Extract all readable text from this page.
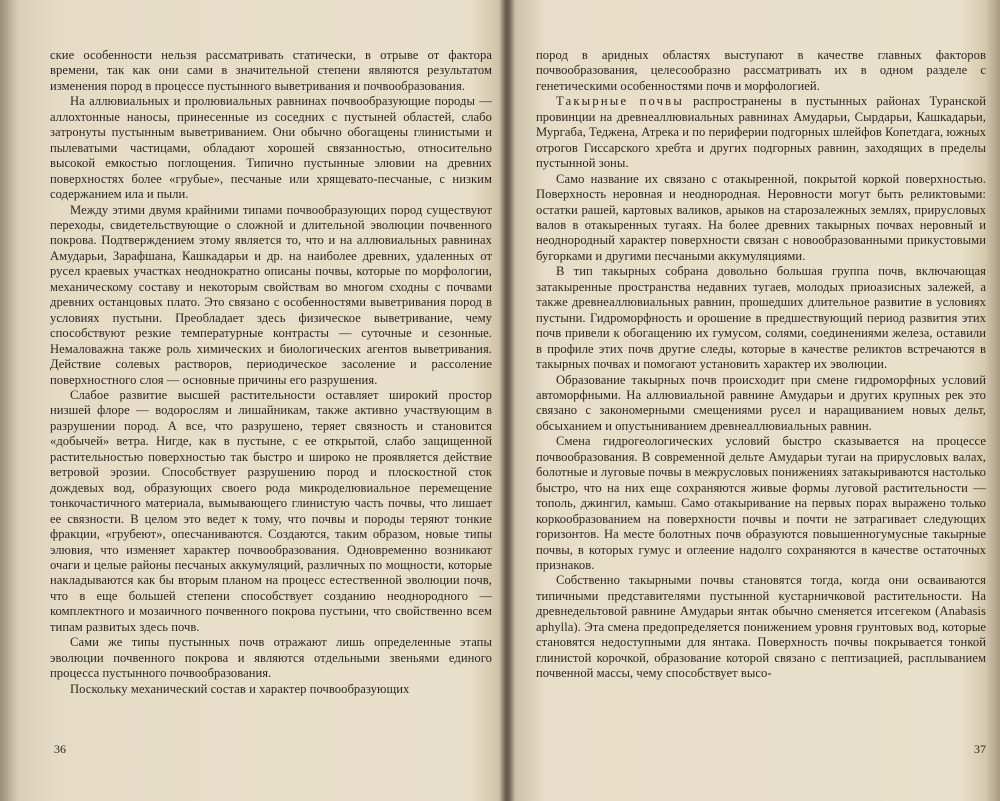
ские особенности нельзя рассматривать статически, в отрыве от фактора времени, так как они сами в значительной степени являются результатом изменения пород в процессе пустынного выветривания и почвообразования.

На аллювиальных и пролювиальных равнинах почвообразующие породы — аллохтонные наносы, принесенные из соседних с пустыней областей, слабо затронуты пустынным выветриванием. Они обычно обогащены глинистыми и пылеватыми частицами, обладают хорошей связанностью, относительно высокой емкостью поглощения. Типично пустынные элювии на древних поверхностях более «грубые», песчаные или хрящевато-песчаные, с низким содержанием ила и пыли.

Между этими двумя крайними типами почвообразующих пород существуют переходы, свидетельствующие о сложной и длительной эволюции почвенного покрова. Подтверждением этому является то, что и на аллювиальных равнинах Амударьи, Зарафшана, Кашкадарьи и др. на наиболее древних, удаленных от русел краевых участках неоднократно описаны почвы, которые по морфологии, механическому составу и некоторым свойствам во многом сходны с почвами древних останцовых плато. Это связано с особенностями выветривания пород в условиях пустыни. Преобладает здесь физическое выветривание, чему способствуют резкие температурные контрасты — суточные и сезонные. Немаловажна также роль химических и биологических агентов выветривания. Действие солевых растворов, периодическое засоление и рассоление поверхностного слоя — основные причины его разрушения.

Слабое развитие высшей растительности оставляет широкий простор низшей флоре — водорослям и лишайникам, также активно участвующим в разрушении пород. А все, что разрушено, теряет связность и становится «добычей» ветра. Нигде, как в пустыне, с ее открытой, слабо защищенной растительностью поверхностью так быстро и широко не проявляется действие ветровой эрозии. Способствует разрушению пород и плоскостной сток дождевых вод, образующих своего рода микроделювиальное перемещение тонкочастичного материала, вымывающего глинистую часть почвы, что лишает ее связности. В целом это ведет к тому, что почвы и породы теряют тонкие фракции, «грубеют», опесчаниваются. Создаются, таким образом, новые типы элювия, что изменяет характер почвообразования. Одновременно возникают очаги и целые районы песчаных аккумуляций, различных по мощности, которые накладываются как бы вторым планом на процесс естественной эволюции почв, что в еще большей степени способствует созданию неоднородного — комплектного и мозаичного почвенного покрова пустыни, что свойственно всем типам развитых здесь почв.

Сами же типы пустынных почв отражают лишь определенные этапы эволюции почвенного покрова и являются отдельными звеньями единого процесса пустынного почвообразования.

Поскольку механический состав и характер почвообразующих

36

пород в аридных областях выступают в качестве главных факторов почвообразования, целесообразно рассматривать их в одном разделе с генетическими особенностями почв и морфологией.

Такырные почвы распространены в пустынных районах Туранской провинции на древнеаллювиальных равнинах Амударьи, Сырдарьи, Кашкадарьи, Мургаба, Теджена, Атрека и по периферии подгорных шлейфов Копетдага, южных отрогов Гиссарского хребта и других подгорных равнин, заходящих в пределы пустынной зоны.

Само название их связано с отакыренной, покрытой коркой поверхностью. Поверхность неровная и неоднородная. Неровности могут быть реликтовыми: остатки рашей, картовых валиков, арыков на старозалежных землях, прирусловых валов в отакыренных тугаях. На более древних такырных почвах неровный и неоднородный характер поверхности связан с новообразованными прикустовыми бугорками и другими песчаными аккумуляциями.

В тип такырных собрана довольно большая группа почв, включающая затакыренные пространства недавних тугаев, молодых приоазисных залежей, а также древнеаллювиальных равнин, прошедших длительное развитие в условиях пустыни. Гидроморфность и орошение в предшествующий период развития этих почв привели к обогащению их гумусом, солями, соединениями железа, оставили в профиле этих почв другие следы, которые в качестве реликтов встречаются в такырных почвах и помогают установить характер их эволюции.

Образование такырных почв происходит при смене гидроморфных условий автоморфными. На аллювиальной равнине Амударьи и других крупных рек это связано с закономерными смещениями русел и наращиванием новых дельт, обсыханием и опустыниванием древнеаллювиальных равнин.

Смена гидрогеологических условий быстро сказывается на процессе почвообразования. В современной дельте Амударьи тугаи на прирусловых валах, болотные и луговые почвы в межрусловых понижениях затакыриваются настолько быстро, что на них еще сохраняются живые формы луговой растительности — тополь, джингил, камыш. Само отакыривание на первых порах выражено только коркообразованием на поверхности почвы и почти не затрагивает следующих горизонтов. На месте болотных почв образуются повышенногумусные такырные почвы, в которых гумус и оглеение надолго сохраняются в качестве остаточных признаков.

Собственно такырными почвы становятся тогда, когда они осваиваются типичными представителями пустынной кустарничковой растительности. На древнедельтовой равнине Амударьи янтак обычно сменяется итсегеком (Anabasis aphylla). Эта смена предопределяется понижением уровня грунтовых вод, которые становятся недоступными для янтака. Поверхность почвы покрывается тонкой глинистой корочкой, образование которой связано с пептизацией, расплыванием почвенной массы, чему способствует высо-

37
